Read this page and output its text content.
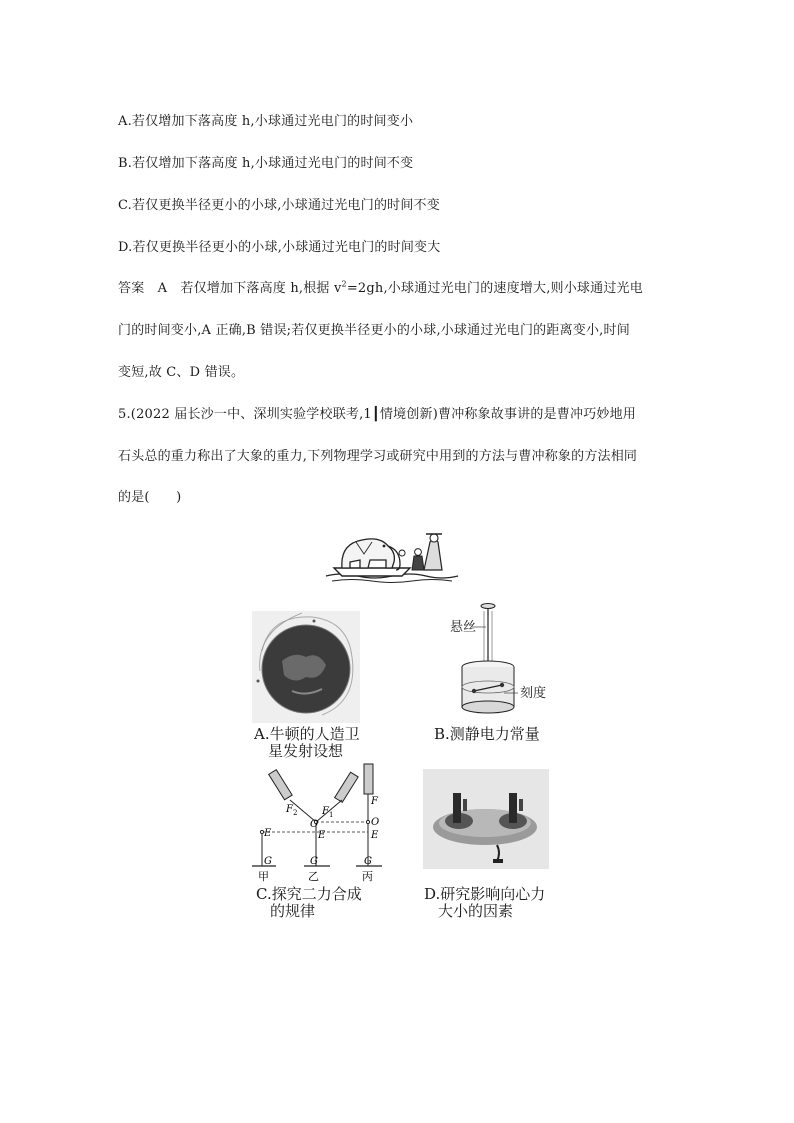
A.若仅增加下落高度 h,小球通过光电门的时间变小
B.若仅增加下落高度 h,小球通过光电门的时间不变
C.若仅更换半径更小的小球,小球通过光电门的时间不变
D.若仅更换半径更小的小球,小球通过光电门的时间变大
答案　A　若仅增加下落高度 h,根据 $v^2=2gh$,小球通过光电门的速度增大,则小球通过光电
门的时间变小,A 正确,B 错误;若仅更换半径更小的小球,小球通过光电门的距离变小,时间
变短,故 C、D 错误。
5.(2022 届长沙一中、深圳实验学校联考,1┃情境创新)曹冲称象故事讲的是曹冲巧妙地用
石头总的重力称出了大象的重力,下列物理学习或研究中用到的方法与曹冲称象的方法相同
的是(　　)
A.牛顿的人造卫
星发射设想
悬丝
刻度
B.测静电力常量
F 2 F 1
F
O	O
E	E	E
G	G	G
甲	乙	丙
C.探究二力合成
的规律
D.研究影响向心力
大小的因素
